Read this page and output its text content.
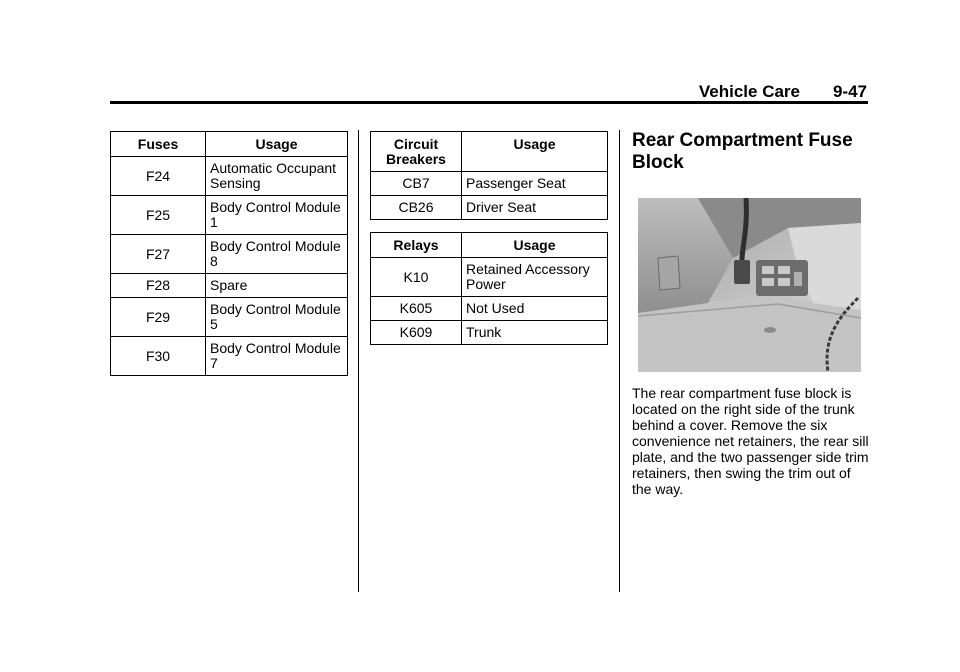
Vehicle Care 9-47
Fuses	Usage
F24	Automatic Occupant Sensing
F25	Body Control Module 1
F27	Body Control Module 8
F28	Spare
F29	Body Control Module 5
F30	Body Control Module 7
Circuit Breakers	Usage
CB7	Passenger Seat
CB26	Driver Seat
Relays	Usage
K10	Retained Accessory Power
K605	Not Used
K609	Trunk
Rear Compartment Fuse Block
The rear compartment fuse block is located on the right side of the trunk behind a cover. Remove the six convenience net retainers, the rear sill plate, and the two passenger side trim retainers, then swing the trim out of the way.
